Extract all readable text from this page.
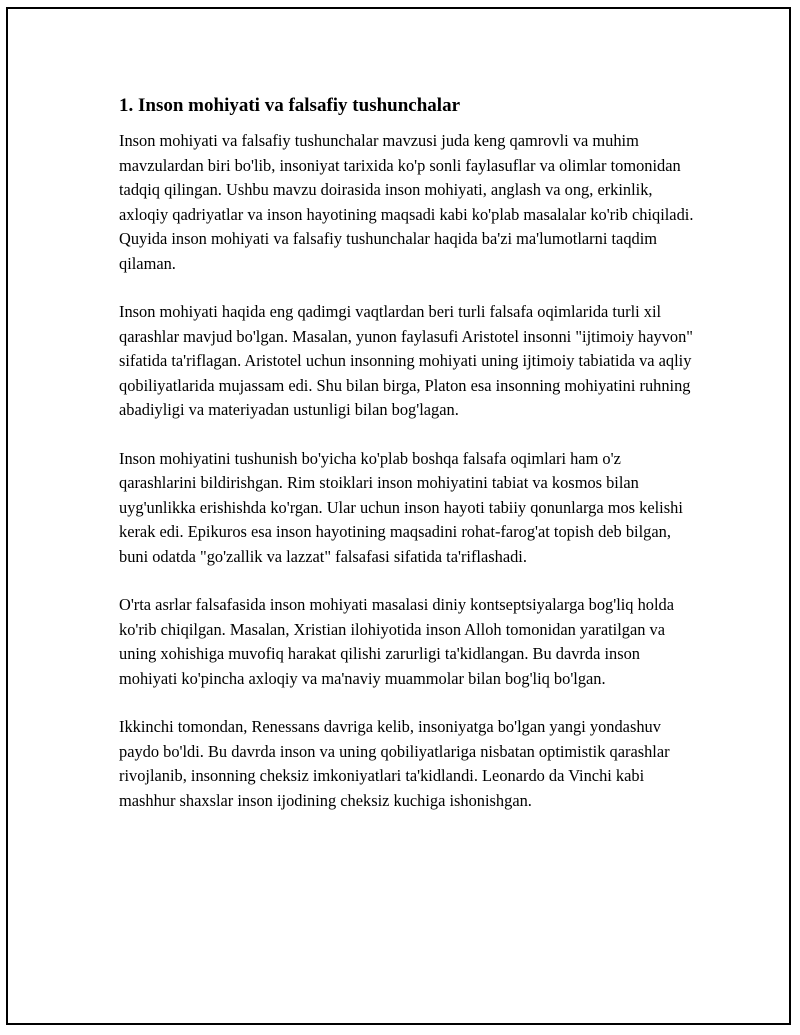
1. Inson mohiyati va falsafiy tushunchalar

Inson mohiyati va falsafiy tushunchalar mavzusi juda keng qamrovli va muhim mavzulardan biri bo'lib, insoniyat tarixida ko'p sonli faylasuflar va olimlar tomonidan tadqiq qilingan. Ushbu mavzu doirasida inson mohiyati, anglash va ong, erkinlik, axloqiy qadriyatlar va inson hayotining maqsadi kabi ko'plab masalalar ko'rib chiqiladi. Quyida inson mohiyati va falsafiy tushunchalar haqida ba'zi ma'lumotlarni taqdim qilaman.

Inson mohiyati haqida eng qadimgi vaqtlardan beri turli falsafa oqimlarida turli xil qarashlar mavjud bo'lgan. Masalan, yunon faylasufi Aristotel insonni "ijtimoiy hayvon" sifatida ta'riflagan. Aristotel uchun insonning mohiyati uning ijtimoiy tabiatida va aqliy qobiliyatlarida mujassam edi. Shu bilan birga, Platon esa insonning mohiyatini ruhning abadiyligi va materiyadan ustunligi bilan bog'lagan.

Inson mohiyatini tushunish bo'yicha ko'plab boshqa falsafa oqimlari ham o'z qarashlarini bildirishgan. Rim stoiklari inson mohiyatini tabiat va kosmos bilan uyg'unlikka erishishda ko'rgan. Ular uchun inson hayoti tabiiy qonunlarga mos kelishi kerak edi. Epikuros esa inson hayotining maqsadini rohat-farog'at topish deb bilgan, buni odatda "go'zallik va lazzat" falsafasi sifatida ta'riflashadi.

O'rta asrlar falsafasida inson mohiyati masalasi diniy kontseptsiyalarga bog'liq holda ko'rib chiqilgan. Masalan, Xristian ilohiyotida inson Alloh tomonidan yaratilgan va uning xohishiga muvofiq harakat qilishi zarurligi ta'kidlangan. Bu davrda inson mohiyati ko'pincha axloqiy va ma'naviy muammolar bilan bog'liq bo'lgan.

Ikkinchi tomondan, Renessans davriga kelib, insoniyatga bo'lgan yangi yondashuv paydo bo'ldi. Bu davrda inson va uning qobiliyatlariga nisbatan optimistik qarashlar rivojlanib, insonning cheksiz imkoniyatlari ta'kidlandi. Leonardo da Vinchi kabi mashhur shaxslar inson ijodining cheksiz kuchiga ishonishgan.
